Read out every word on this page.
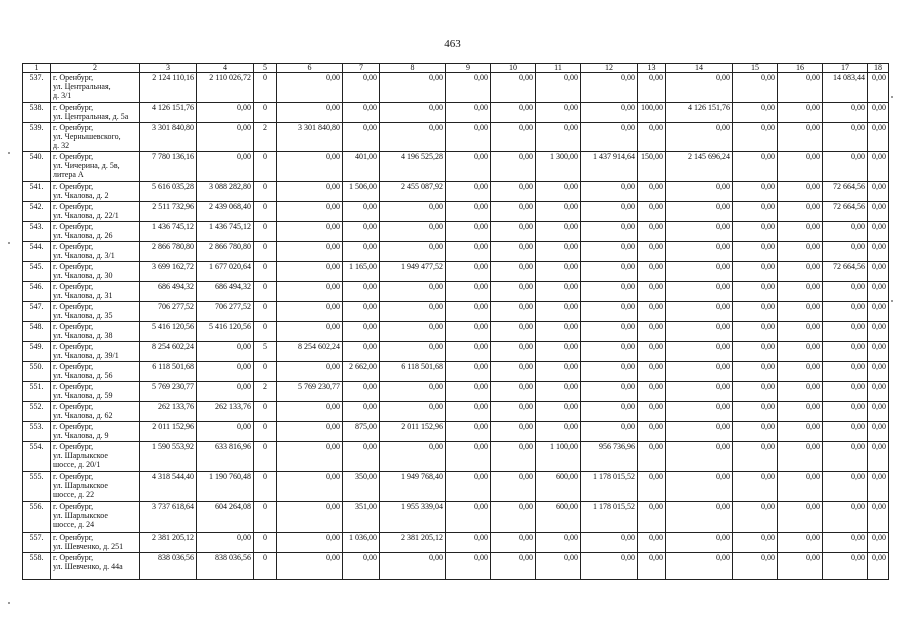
463
1	2	3	4	5	6	7	8	9	10	11	12	13	14	15	16	17	18
537.	г. Оренбург,
ул. Центральная,
д. 3/1	2 124 110,16	2 110 026,72	0	0,00	0,00	0,00	0,00	0,00	0,00	0,00	0,00	0,00	0,00	0,00	14 083,44	0,00
538.	г. Оренбург,
ул. Центральная, д. 5а	4 126 151,76	0,00	0	0,00	0,00	0,00	0,00	0,00	0,00	0,00	100,00	4 126 151,76	0,00	0,00	0,00	0,00
539.	г. Оренбург,
ул. Чернышевского,
д. 32	3 301 840,80	0,00	2	3 301 840,80	0,00	0,00	0,00	0,00	0,00	0,00	0,00	0,00	0,00	0,00	0,00	0,00
540.	г. Оренбург,
ул. Чичерина, д. 5в,
литера А	7 780 136,16	0,00	0	0,00	401,00	4 196 525,28	0,00	0,00	1 300,00	1 437 914,64	150,00	2 145 696,24	0,00	0,00	0,00	0,00
541.	г. Оренбург,
ул. Чкалова, д. 2	5 616 035,28	3 088 282,80	0	0,00	1 506,00	2 455 087,92	0,00	0,00	0,00	0,00	0,00	0,00	0,00	0,00	72 664,56	0,00
542.	г. Оренбург,
ул. Чкалова, д. 22/1	2 511 732,96	2 439 068,40	0	0,00	0,00	0,00	0,00	0,00	0,00	0,00	0,00	0,00	0,00	0,00	72 664,56	0,00
543.	г. Оренбург,
ул. Чкалова, д. 26	1 436 745,12	1 436 745,12	0	0,00	0,00	0,00	0,00	0,00	0,00	0,00	0,00	0,00	0,00	0,00	0,00	0,00
544.	г. Оренбург,
ул. Чкалова, д. 3/1	2 866 780,80	2 866 780,80	0	0,00	0,00	0,00	0,00	0,00	0,00	0,00	0,00	0,00	0,00	0,00	0,00	0,00
545.	г. Оренбург,
ул. Чкалова, д. 30	3 699 162,72	1 677 020,64	0	0,00	1 165,00	1 949 477,52	0,00	0,00	0,00	0,00	0,00	0,00	0,00	0,00	72 664,56	0,00
546.	г. Оренбург,
ул. Чкалова, д. 31	686 494,32	686 494,32	0	0,00	0,00	0,00	0,00	0,00	0,00	0,00	0,00	0,00	0,00	0,00	0,00	0,00
547.	г. Оренбург,
ул. Чкалова, д. 35	706 277,52	706 277,52	0	0,00	0,00	0,00	0,00	0,00	0,00	0,00	0,00	0,00	0,00	0,00	0,00	0,00
548.	г. Оренбург,
ул. Чкалова, д. 38	5 416 120,56	5 416 120,56	0	0,00	0,00	0,00	0,00	0,00	0,00	0,00	0,00	0,00	0,00	0,00	0,00	0,00
549.	г. Оренбург,
ул. Чкалова, д. 39/1	8 254 602,24	0,00	5	8 254 602,24	0,00	0,00	0,00	0,00	0,00	0,00	0,00	0,00	0,00	0,00	0,00	0,00
550.	г. Оренбург,
ул. Чкалова, д. 56	6 118 501,68	0,00	0	0,00	2 662,00	6 118 501,68	0,00	0,00	0,00	0,00	0,00	0,00	0,00	0,00	0,00	0,00
551.	г. Оренбург,
ул. Чкалова, д. 59	5 769 230,77	0,00	2	5 769 230,77	0,00	0,00	0,00	0,00	0,00	0,00	0,00	0,00	0,00	0,00	0,00	0,00
552.	г. Оренбург,
ул. Чкалова, д. 62	262 133,76	262 133,76	0	0,00	0,00	0,00	0,00	0,00	0,00	0,00	0,00	0,00	0,00	0,00	0,00	0,00
553.	г. Оренбург,
ул. Чкалова, д. 9	2 011 152,96	0,00	0	0,00	875,00	2 011 152,96	0,00	0,00	0,00	0,00	0,00	0,00	0,00	0,00	0,00	0,00
554.	г. Оренбург,
ул. Шарлыкское
шоссе, д. 20/1	1 590 553,92	633 816,96	0	0,00	0,00	0,00	0,00	0,00	1 100,00	956 736,96	0,00	0,00	0,00	0,00	0,00	0,00
555.	г. Оренбург,
ул. Шарлыкское
шоссе, д. 22	4 318 544,40	1 190 760,48	0	0,00	350,00	1 949 768,40	0,00	0,00	600,00	1 178 015,52	0,00	0,00	0,00	0,00	0,00	0,00
556.	г. Оренбург,
ул. Шарлыкское
шоссе, д. 24	3 737 618,64	604 264,08	0	0,00	351,00	1 955 339,04	0,00	0,00	600,00	1 178 015,52	0,00	0,00	0,00	0,00	0,00	0,00
557.	г. Оренбург,
ул. Шевченко, д. 251	2 381 205,12	0,00	0	0,00	1 036,00	2 381 205,12	0,00	0,00	0,00	0,00	0,00	0,00	0,00	0,00	0,00	0,00
558.	г. Оренбург,
ул. Шевченко, д. 44а	838 036,56	838 036,56	0	0,00	0,00	0,00	0,00	0,00	0,00	0,00	0,00	0,00	0,00	0,00	0,00	0,00
